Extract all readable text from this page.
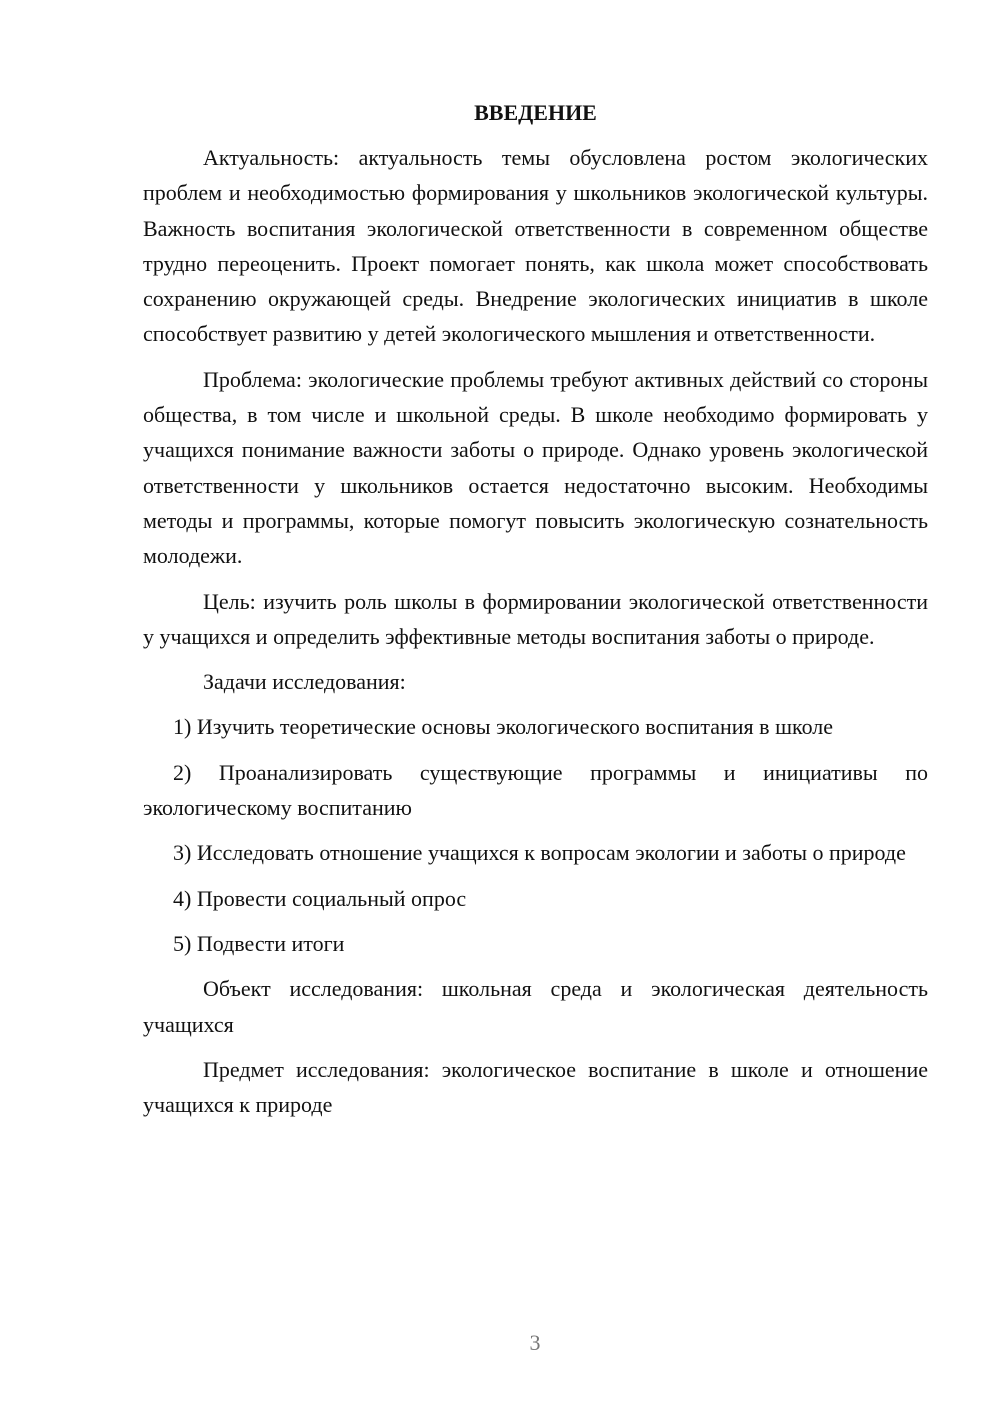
ВВЕДЕНИЕ

Актуальность: актуальность темы обусловлена ростом экологических проблем и необходимостью формирования у школьников экологической культуры. Важность воспитания экологической ответственности в современном обществе трудно переоценить. Проект помогает понять, как школа может способствовать сохранению окружающей среды. Внедрение экологических инициатив в школе способствует развитию у детей экологического мышления и ответственности.

Проблема: экологические проблемы требуют активных действий со стороны общества, в том числе и школьной среды. В школе необходимо формировать у учащихся понимание важности заботы о природе. Однако уровень экологической ответственности у школьников остается недостаточно высоким. Необходимы методы и программы, которые помогут повысить экологическую сознательность молодежи.

Цель: изучить роль школы в формировании экологической ответственности у учащихся и определить эффективные методы воспитания заботы о природе.

Задачи исследования:

1) Изучить теоретические основы экологического воспитания в школе

2) Проанализировать существующие программы и инициативы по экологическому воспитанию

3) Исследовать отношение учащихся к вопросам экологии и заботы о природе

4) Провести социальный опрос

5) Подвести итоги

Объект исследования: школьная среда и экологическая деятельность учащихся

Предмет исследования: экологическое воспитание в школе и отношение учащихся к природе

3
